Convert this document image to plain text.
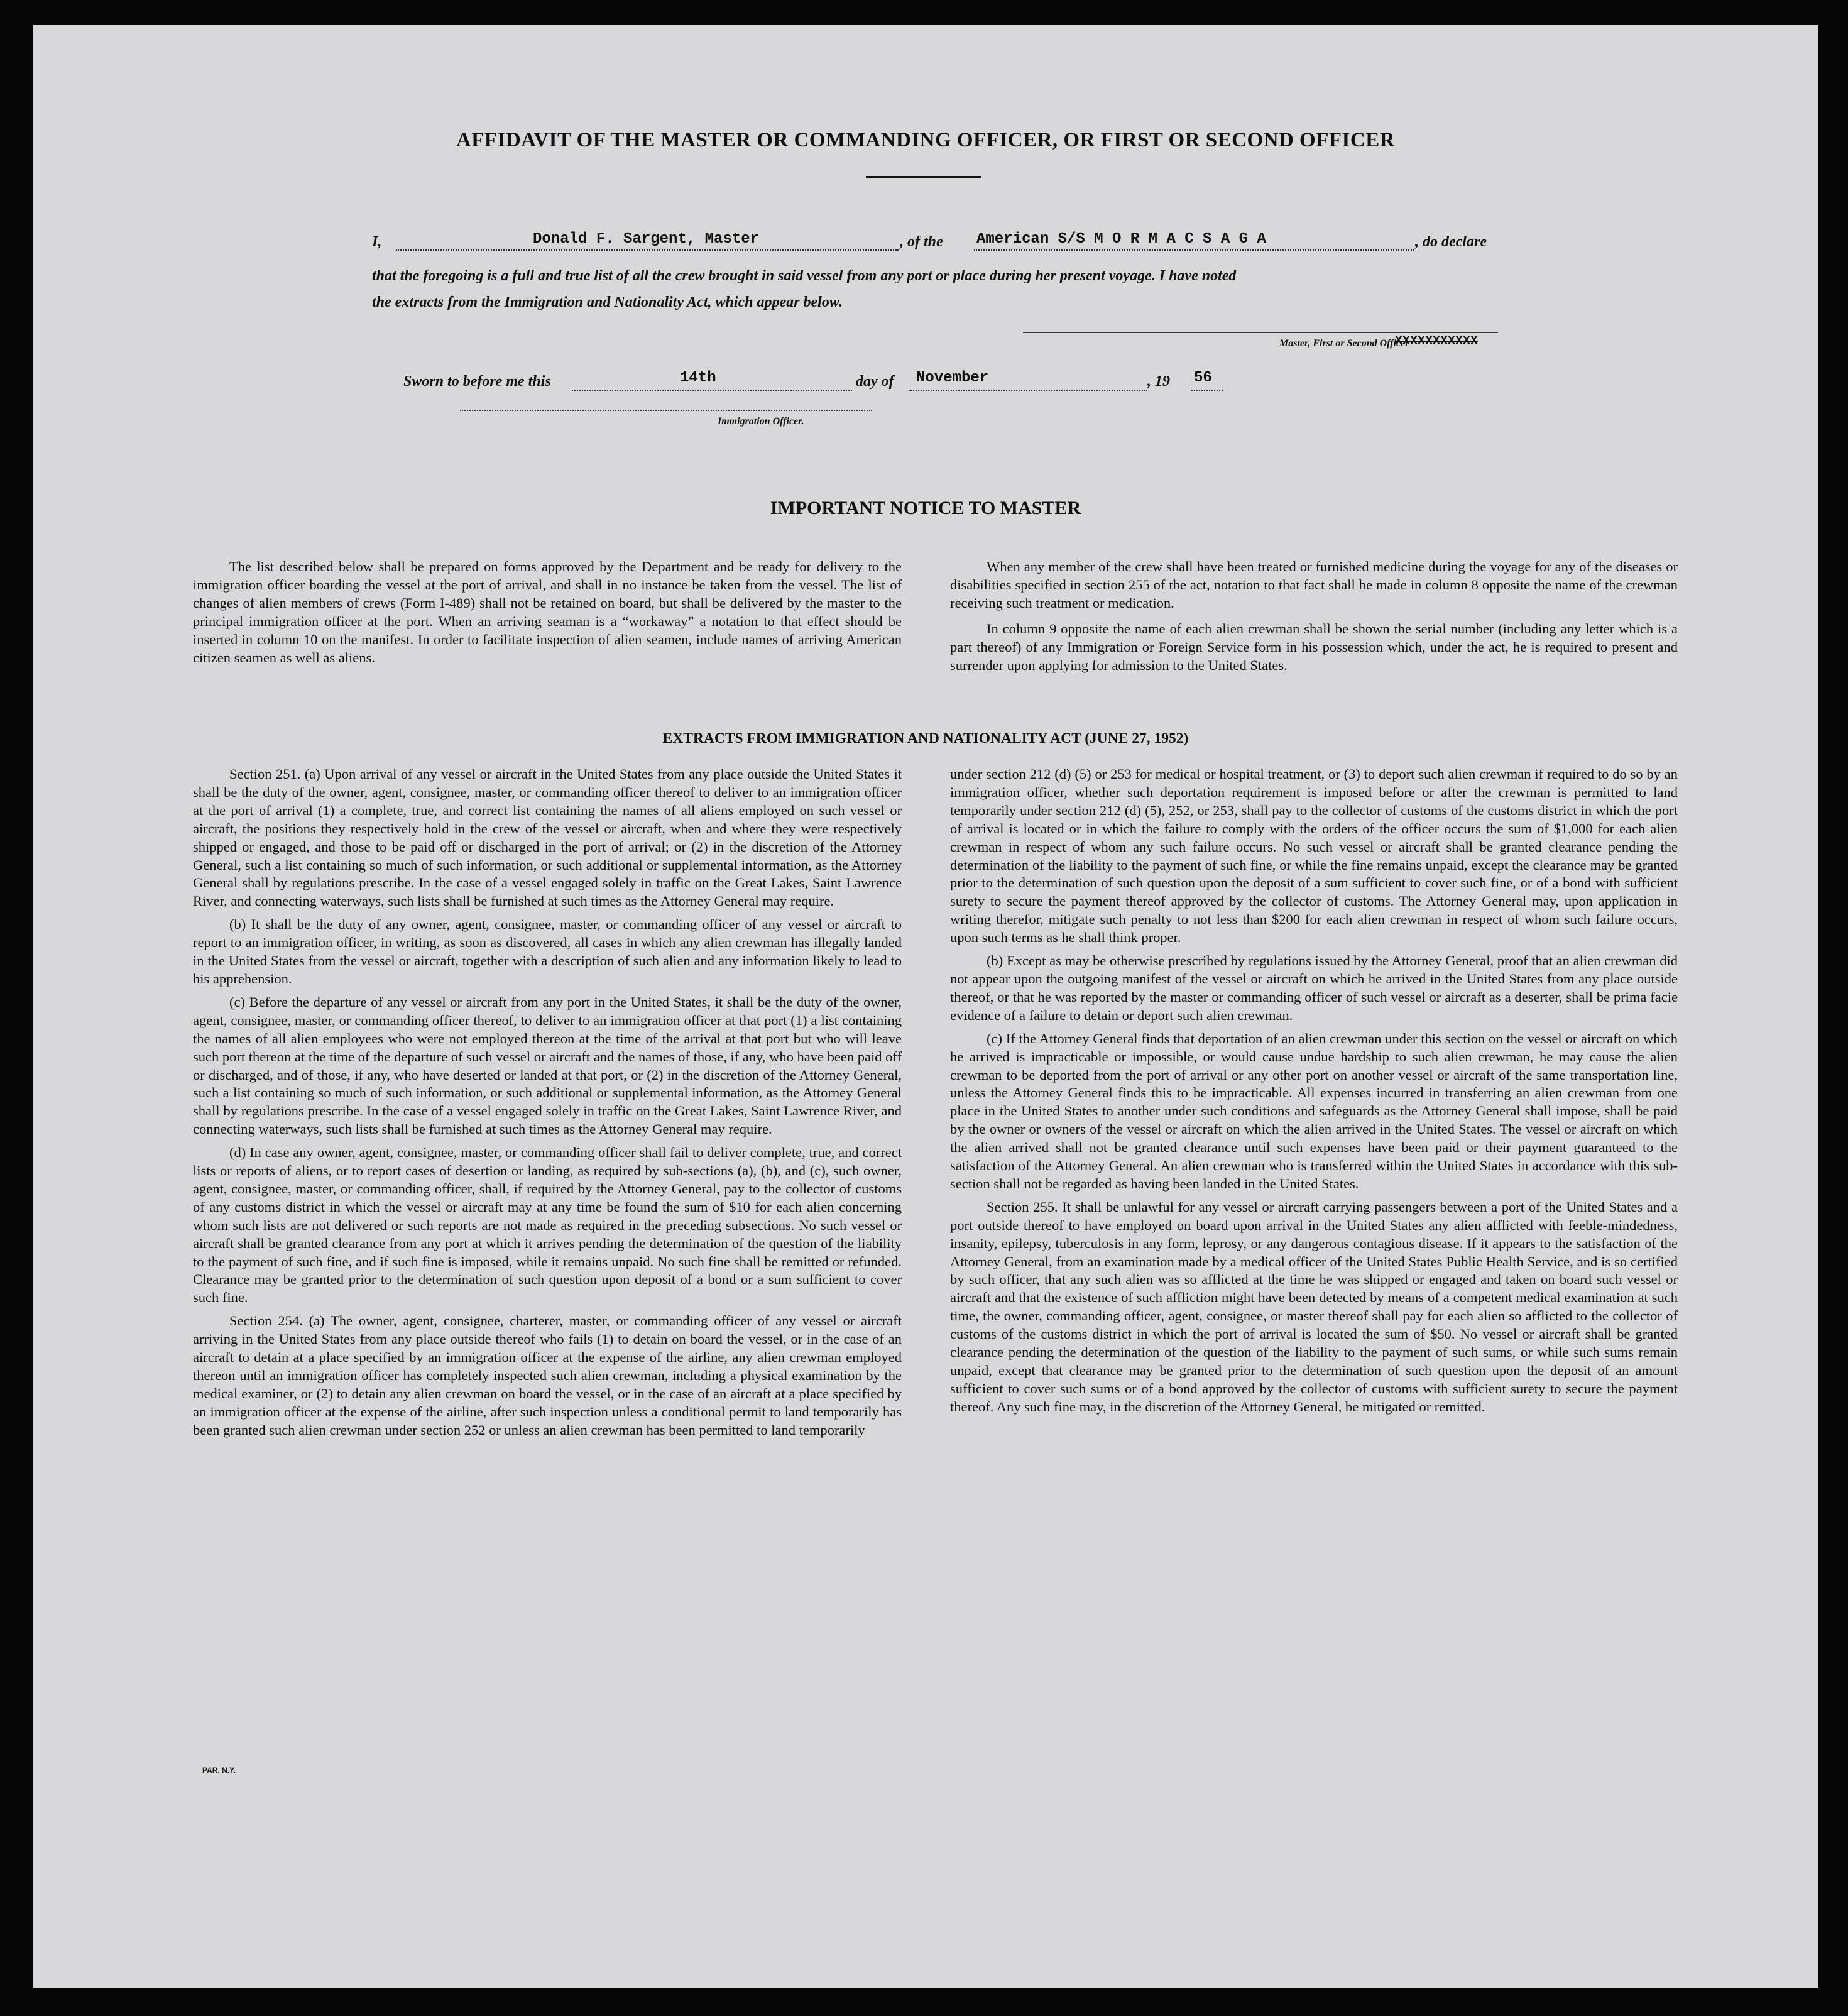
AFFIDAVIT OF THE MASTER OR COMMANDING OFFICER, OR FIRST OR SECOND OFFICER
I,	Donald F. Sargent, Master	, of the American S/S M O R M A C S A G A	, do declare
that the foregoing is a full and true list of all the crew brought in said vessel from any port or place during her present voyage. I have noted
the extracts from the Immigration and Nationality Act, which appear below.
Master, First or Second Officer
XXXXXXXXXXX
Sworn to before me this	14th	day of November	, 19 56
Immigration Officer.
IMPORTANT NOTICE TO MASTER

The list described below shall be prepared on forms approved by the Department and be ready for delivery to the immigration officer boarding the vessel at the port of arrival, and shall in no instance be taken from the vessel. The list of changes of alien members of crews (Form I-489) shall not be retained on board, but shall be delivered by the master to the principal immigration officer at the port. When an arriving seaman is a “workaway” a notation to that effect should be inserted in column 10 on the manifest. In order to facilitate inspection of alien seamen, include names of arriving American citizen seamen as well as aliens.

When any member of the crew shall have been treated or furnished medicine during the voyage for any of the diseases or disabilities specified in section 255 of the act, notation to that fact shall be made in column 8 opposite the name of the crewman receiving such treatment or medication.

In column 9 opposite the name of each alien crewman shall be shown the serial number (including any letter which is a part thereof) of any Immigration or Foreign Service form in his possession which, under the act, he is required to present and surrender upon applying for admission to the United States.

EXTRACTS FROM IMMIGRATION AND NATIONALITY ACT (JUNE 27, 1952)

Section 251. (a) Upon arrival of any vessel or aircraft in the United States from any place outside the United States it shall be the duty of the owner, agent, consignee, master, or commanding officer thereof to deliver to an immigration officer at the port of arrival (1) a complete, true, and correct list containing the names of all aliens employed on such vessel or aircraft, the positions they respectively hold in the crew of the vessel or aircraft, when and where they were respectively shipped or engaged, and those to be paid off or discharged in the port of arrival; or (2) in the discretion of the Attorney General, such a list containing so much of such information, or such additional or supplemental information, as the Attorney General shall by regulations prescribe. In the case of a vessel engaged solely in traffic on the Great Lakes, Saint Lawrence River, and connecting waterways, such lists shall be furnished at such times as the Attorney General may require.

(b) It shall be the duty of any owner, agent, consignee, master, or commanding officer of any vessel or aircraft to report to an immigration officer, in writing, as soon as discovered, all cases in which any alien crewman has illegally landed in the United States from the vessel or aircraft, together with a description of such alien and any information likely to lead to his apprehension.

(c) Before the departure of any vessel or aircraft from any port in the United States, it shall be the duty of the owner, agent, consignee, master, or commanding officer thereof, to deliver to an immigration officer at that port (1) a list containing the names of all alien employees who were not employed thereon at the time of the arrival at that port but who will leave such port thereon at the time of the departure of such vessel or aircraft and the names of those, if any, who have been paid off or discharged, and of those, if any, who have deserted or landed at that port, or (2) in the discretion of the Attorney General, such a list containing so much of such information, or such additional or supplemental information, as the Attorney General shall by regulations prescribe. In the case of a vessel engaged solely in traffic on the Great Lakes, Saint Lawrence River, and connecting waterways, such lists shall be furnished at such times as the Attorney General may require.

(d) In case any owner, agent, consignee, master, or commanding officer shall fail to deliver complete, true, and correct lists or reports of aliens, or to report cases of desertion or landing, as required by sub-sections (a), (b), and (c), such owner, agent, consignee, master, or commanding officer, shall, if required by the Attorney General, pay to the collector of customs of any customs district in which the vessel or aircraft may at any time be found the sum of $10 for each alien concerning whom such lists are not delivered or such reports are not made as required in the preceding subsections. No such vessel or aircraft shall be granted clearance from any port at which it arrives pending the determination of the question of the liability to the payment of such fine, and if such fine is imposed, while it remains unpaid. No such fine shall be remitted or refunded. Clearance may be granted prior to the determination of such question upon deposit of a bond or a sum sufficient to cover such fine.

Section 254. (a) The owner, agent, consignee, charterer, master, or commanding officer of any vessel or aircraft arriving in the United States from any place outside thereof who fails (1) to detain on board the vessel, or in the case of an aircraft to detain at a place specified by an immigration officer at the expense of the airline, any alien crewman employed thereon until an immigration officer has completely inspected such alien crewman, including a physical examination by the medical examiner, or (2) to detain any alien crewman on board the vessel, or in the case of an aircraft at a place specified by an immigration officer at the expense of the airline, after such inspection unless a conditional permit to land temporarily has been granted such alien crewman under section 252 or unless an alien crewman has been permitted to land temporarily

under section 212 (d) (5) or 253 for medical or hospital treatment, or (3) to deport such alien crewman if required to do so by an immigration officer, whether such deportation requirement is imposed before or after the crewman is permitted to land temporarily under section 212 (d) (5), 252, or 253, shall pay to the collector of customs of the customs district in which the port of arrival is located or in which the failure to comply with the orders of the officer occurs the sum of $1,000 for each alien crewman in respect of whom any such failure occurs. No such vessel or aircraft shall be granted clearance pending the determination of the liability to the payment of such fine, or while the fine remains unpaid, except the clearance may be granted prior to the determination of such question upon the deposit of a sum sufficient to cover such fine, or of a bond with sufficient surety to secure the payment thereof approved by the collector of customs. The Attorney General may, upon application in writing therefor, mitigate such penalty to not less than $200 for each alien crewman in respect of whom such failure occurs, upon such terms as he shall think proper.

(b) Except as may be otherwise prescribed by regulations issued by the Attorney General, proof that an alien crewman did not appear upon the outgoing manifest of the vessel or aircraft on which he arrived in the United States from any place outside thereof, or that he was reported by the master or commanding officer of such vessel or aircraft as a deserter, shall be prima facie evidence of a failure to detain or deport such alien crewman.

(c) If the Attorney General finds that deportation of an alien crewman under this section on the vessel or aircraft on which he arrived is impracticable or impossible, or would cause undue hardship to such alien crewman, he may cause the alien crewman to be deported from the port of arrival or any other port on another vessel or aircraft of the same transportation line, unless the Attorney General finds this to be impracticable. All expenses incurred in transferring an alien crewman from one place in the United States to another under such conditions and safeguards as the Attorney General shall impose, shall be paid by the owner or owners of the vessel or aircraft on which the alien arrived in the United States. The vessel or aircraft on which the alien arrived shall not be granted clearance until such expenses have been paid or their payment guaranteed to the satisfaction of the Attorney General. An alien crewman who is transferred within the United States in accordance with this sub-section shall not be regarded as having been landed in the United States.

Section 255. It shall be unlawful for any vessel or aircraft carrying passengers between a port of the United States and a port outside thereof to have employed on board upon arrival in the United States any alien afflicted with feeble-mindedness, insanity, epilepsy, tuberculosis in any form, leprosy, or any dangerous contagious disease. If it appears to the satisfaction of the Attorney General, from an examination made by a medical officer of the United States Public Health Service, and is so certified by such officer, that any such alien was so afflicted at the time he was shipped or engaged and taken on board such vessel or aircraft and that the existence of such affliction might have been detected by means of a competent medical examination at such time, the owner, commanding officer, agent, consignee, or master thereof shall pay for each alien so afflicted to the collector of customs of the customs district in which the port of arrival is located the sum of $50. No vessel or aircraft shall be granted clearance pending the determination of the question of the liability to the payment of such sums, or while such sums remain unpaid, except that clearance may be granted prior to the determination of such question upon the deposit of an amount sufficient to cover such sums or of a bond approved by the collector of customs with sufficient surety to secure the payment thereof. Any such fine may, in the discretion of the Attorney General, be mitigated or remitted.

PAR. N.Y.
